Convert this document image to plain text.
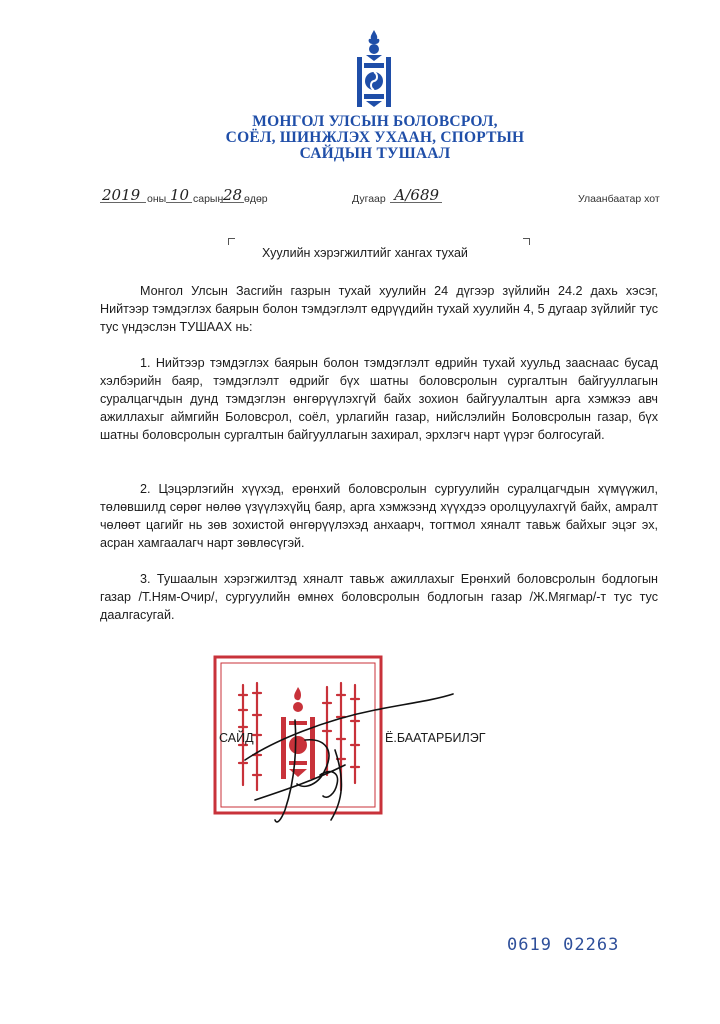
МОНГОЛ УЛСЫН БОЛОВСРОЛ,
СОЁЛ, ШИНЖЛЭХ УХААН, СПОРТЫН
САЙДЫН ТУШААЛ
2019 оны 10 сарын 28 өдөр	Дугаар А/689	Улаанбаатар хот
Хуулийн хэрэгжилтийг хангах тухай

Монгол Улсын Засгийн газрын тухай хуулийн 24 дүгээр зүйлийн 24.2 дахь хэсэг, Нийтээр тэмдэглэх баярын болон тэмдэглэлт өдрүүдийн тухай хуулийн 4, 5 дугаар зүйлийг тус тус үндэслэн ТУШААХ нь:

1. Нийтээр тэмдэглэх баярын болон тэмдэглэлт өдрийн тухай хуульд зааснаас бусад хэлбэрийн баяр, тэмдэглэлт өдрийг бүх шатны боловсролын сургалтын байгууллагын суралцагчдын дунд тэмдэглэн өнгөрүүлэхгүй байх зохион байгуулалтын арга хэмжээ авч ажиллахыг аймгийн Боловсрол, соёл, урлагийн газар, нийслэлийн Боловсролын газар, бүх шатны боловсролын сургалтын байгууллагын захирал, эрхлэгч нарт үүрэг болгосугай.

2. Цэцэрлэгийн хүүхэд, ерөнхий боловсролын сургуулийн суралцагчдын хүмүүжил, төлөвшилд сөрөг нөлөө үзүүлэхүйц баяр, арга хэмжээнд хүүхдээ оролцуулахгүй байх, амралт чөлөөт цагийг нь зөв зохистой өнгөрүүлэхэд анхаарч, тогтмол хяналт тавьж байхыг эцэг эх, асран хамгаалагч нарт зөвлөсүгэй.

3. Тушаалын хэрэгжилтэд хяналт тавьж ажиллахыг Ерөнхий боловсролын бодлогын газар /Т.Ням-Очир/, сургуулийн өмнөх боловсролын бодлогын газар /Ж.Мягмар/-т тус тус даалгасугай.

САЙД	Ё.БААТАРБИЛЭГ
0619 02263
